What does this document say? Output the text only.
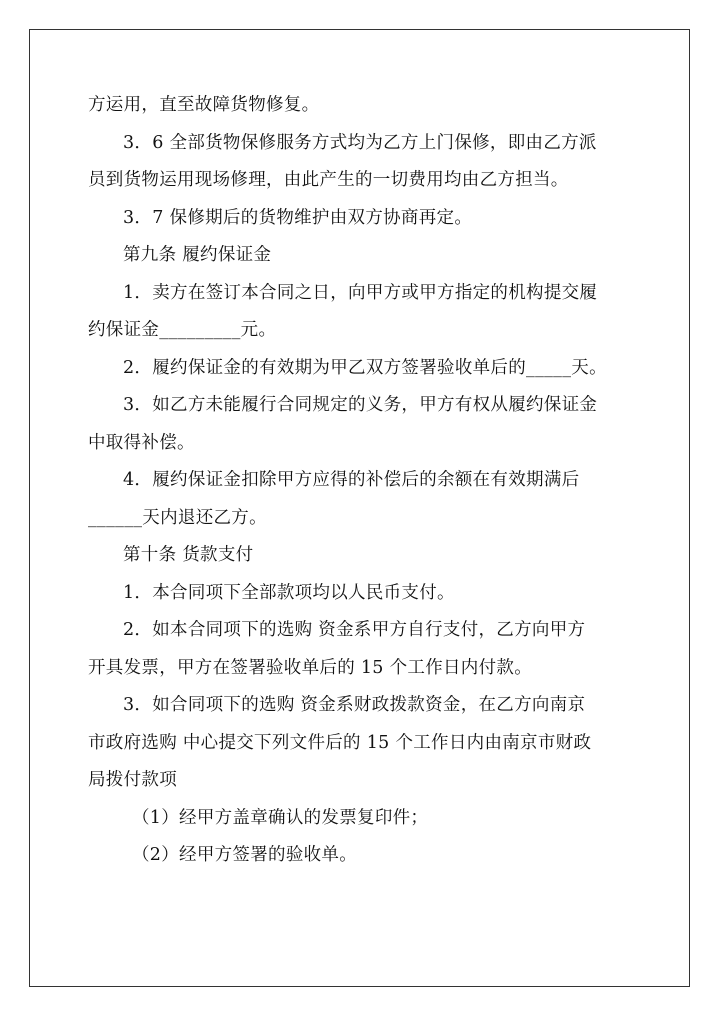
方运用，直至故障货物修复。
3．6 全部货物保修服务方式均为乙方上门保修，即由乙方派
员到货物运用现场修理，由此产生的一切费用均由乙方担当。
3．7 保修期后的货物维护由双方协商再定。
第九条 履约保证金
1．卖方在签订本合同之日，向甲方或甲方指定的机构提交履
约保证金_________元。
2．履约保证金的有效期为甲乙双方签署验收单后的_____天。
3．如乙方未能履行合同规定的义务，甲方有权从履约保证金
中取得补偿。
4．履约保证金扣除甲方应得的补偿后的余额在有效期满后
______天内退还乙方。
第十条 货款支付
1．本合同项下全部款项均以人民币支付。
2．如本合同项下的选购 资金系甲方自行支付，乙方向甲方
开具发票，甲方在签署验收单后的 15 个工作日内付款。
3．如合同项下的选购 资金系财政拨款资金，在乙方向南京
市政府选购 中心提交下列文件后的 15 个工作日内由南京市财政
局拨付款项
（1）经甲方盖章确认的发票复印件；
（2）经甲方签署的验收单。
